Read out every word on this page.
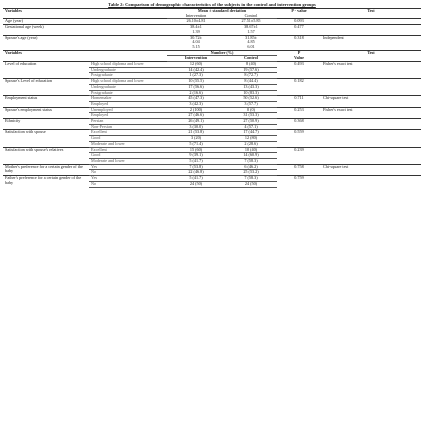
Table 2: Comparison of demographic characteristics of the subjects in the control and intervention groups
Variables		Mean ± standard deviation		P - value	Test
		Intervention	Control		
Age (year)		26.10±4.81	27.51±5.85	0.093	
Gestational age (week)		38.4±1	38.67±1	0.477	
		1.39	1.57		
Spouse's age (year)		30.72±	31.85±	0.318	Independent
		4.04	4.85		
		5.15	6.01		
Variables		Number (%)		P	Test
		Intervention	Control	Value	
Level of education	High school diploma and lower	12 (60)	8 (40)	0.493	Fisher's exact test
	Undergraduate	14 (42.4)	19 (57.6)		
	Postgraduate	1 (27.3)	8 (72.7)		
Spouse's Level of education	High school diploma and lower	10 (55.5)	8 (44.4)	0.182	
	Undergraduate	17 (56.6)	13 (43.3)		
	Postgraduate	2 (16.6)	10 (83.3)		
Employment status	Homemaker	45 (47.3)	50 (52.6)	0.711	Chi-square test
	Employed	3 (42.3)	3 (57.7)		
Spouse's employment status	Unemployed	2 (100)	0 (0)	0.253	Fisher's exact test
	Employed	27 (46.6)	31 (53.3)		
Ethnicity	Persian	26 (49.1)	27 (50.9)	0.368	
	Non-Persian	3 (30.0)	4 (57.1)		
Satisfaction with spouse	Excellent	21 (53.8)	17 (44.7)	0.559	
	Good	3 (20)	12 (80)		
	Moderate and lower	5 (71.4)	2 (28.6)		
Satisfaction with spouse's relatives	Excellent	15 (60)	10 (40)	0.239	
	Good	9 (39.1)	14 (60.9)		
	Moderate and lower	5 (41.7)	7 (58.3)		
Mother's preference for a certain gender of the baby	Yes	7 (53.8)	6 (46.2)	0.758	Chi-square test
	No	22 (46.8)	25 (53.2)		
Father's preference for a certain gender of the baby	Yes	5 (41.7)	7 (58.3)	0.759	
	No	24 (50)	24 (50)		
